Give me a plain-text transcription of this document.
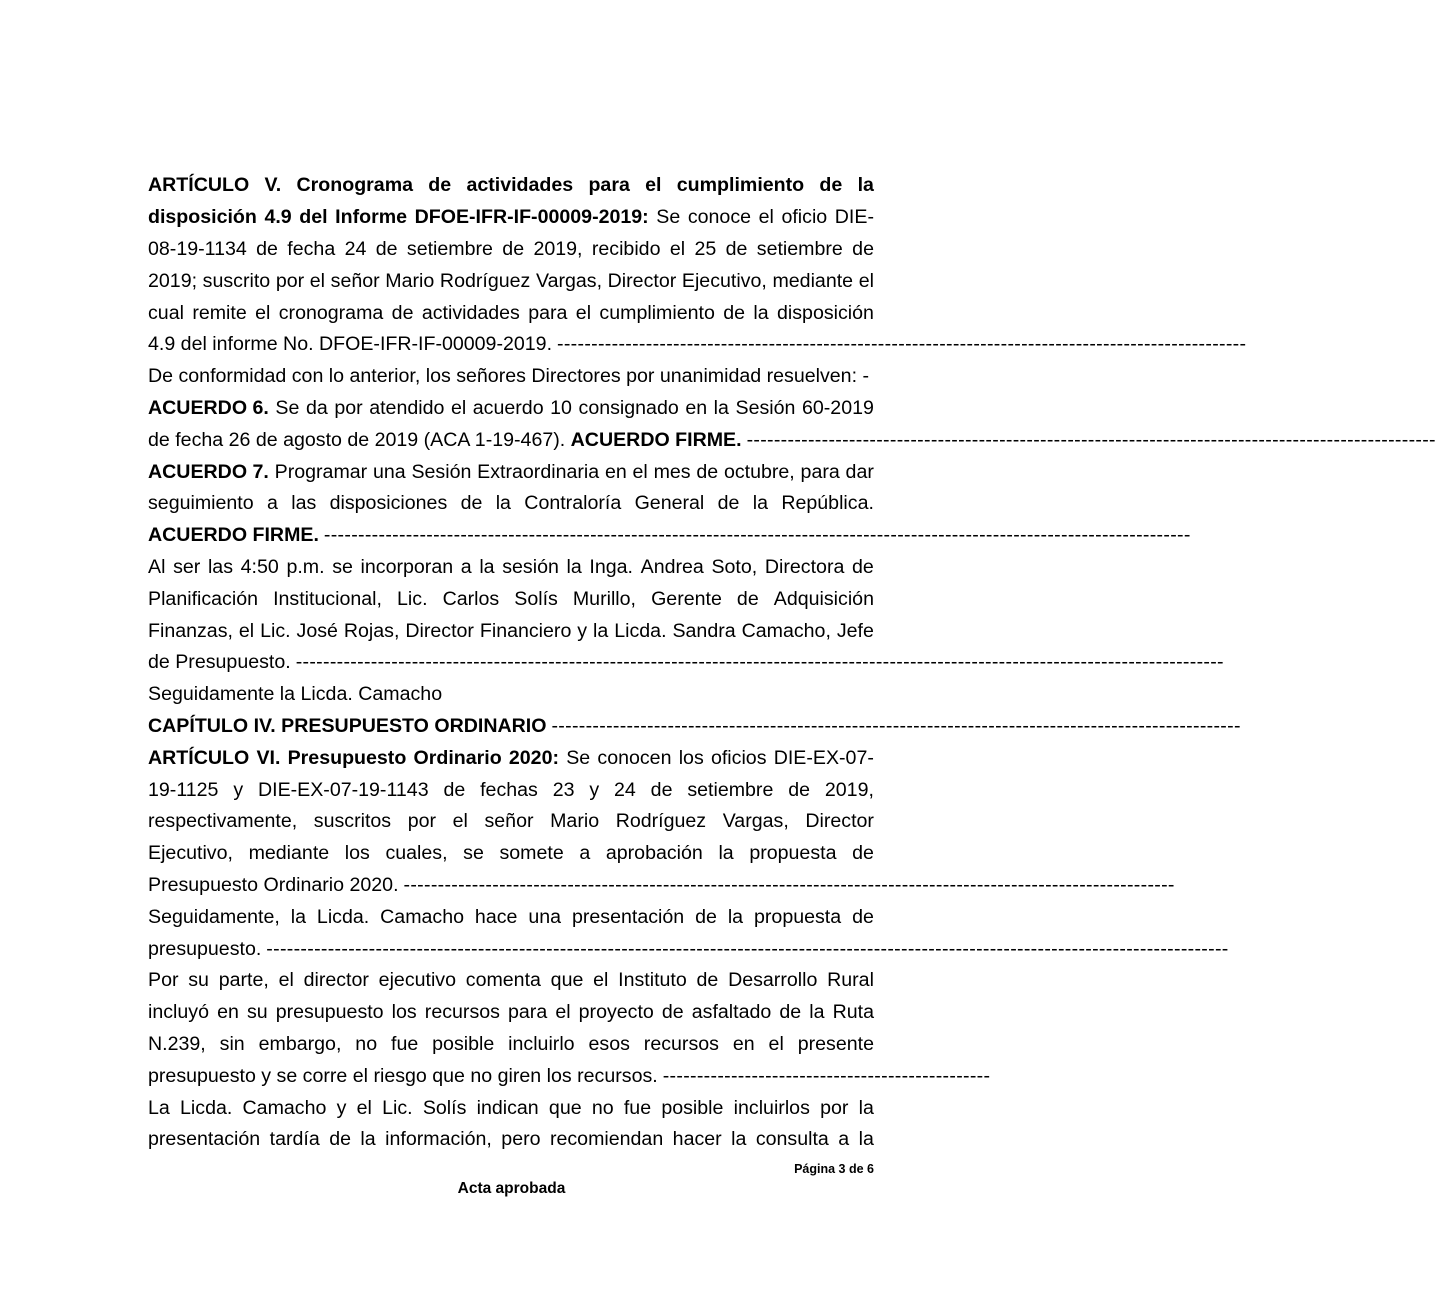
ARTÍCULO V. Cronograma de actividades para el cumplimiento de la
disposición 4.9 del Informe DFOE-IFR-IF-00009-2019: Se conoce el oficio DIE-
08-19-1134 de fecha 24 de setiembre de 2019, recibido el 25 de setiembre de
2019; suscrito por el señor Mario Rodríguez Vargas, Director Ejecutivo, mediante el
cual remite el cronograma de actividades para el cumplimiento de la disposición
4.9 del informe No. DFOE-IFR-IF-00009-2019. -----------------------------------------------------------------------------------------------------
De conformidad con lo anterior, los señores Directores por unanimidad resuelven: -
ACUERDO 6. Se da por atendido el acuerdo 10 consignado en la Sesión 60-2019
de fecha 26 de agosto de 2019 (ACA 1-19-467). ACUERDO FIRME. -----------------------------------------------------------------------------------------------------
ACUERDO 7. Programar una Sesión Extraordinaria en el mes de octubre, para dar
seguimiento a las disposiciones de la Contraloría General de la República.
ACUERDO FIRME. -------------------------------------------------------------------------------------------------------------------------------
Al ser las 4:50 p.m. se incorporan a la sesión la Inga. Andrea Soto, Directora de
Planificación Institucional, Lic. Carlos Solís Murillo, Gerente de Adquisición
Finanzas, el Lic. José Rojas, Director Financiero y la Licda. Sandra Camacho, Jefe
de Presupuesto. ----------------------------------------------------------------------------------------------------------------------------------------
Seguidamente la Licda. Camacho
CAPÍTULO IV. PRESUPUESTO ORDINARIO -----------------------------------------------------------------------------------------------------
ARTÍCULO VI. Presupuesto Ordinario 2020: Se conocen los oficios DIE-EX-07-
19-1125 y DIE-EX-07-19-1143 de fechas 23 y 24 de setiembre de 2019,
respectivamente, suscritos por el señor Mario Rodríguez Vargas, Director
Ejecutivo, mediante los cuales, se somete a aprobación la propuesta de
Presupuesto Ordinario 2020. -----------------------------------------------------------------------------------------------------------------
Seguidamente, la Licda. Camacho hace una presentación de la propuesta de
presupuesto. ---------------------------------------------------------------------------------------------------------------------------------------------
Por su parte, el director ejecutivo comenta que el Instituto de Desarrollo Rural
incluyó en su presupuesto los recursos para el proyecto de asfaltado de la Ruta
N.239, sin embargo, no fue posible incluirlo esos recursos en el presente
presupuesto y se corre el riesgo que no giren los recursos. ------------------------------------------------
La Licda. Camacho y el Lic. Solís indican que no fue posible incluirlos por la
presentación tardía de la información, pero recomiendan hacer la consulta a la
Página 3 de 6
Acta aprobada
